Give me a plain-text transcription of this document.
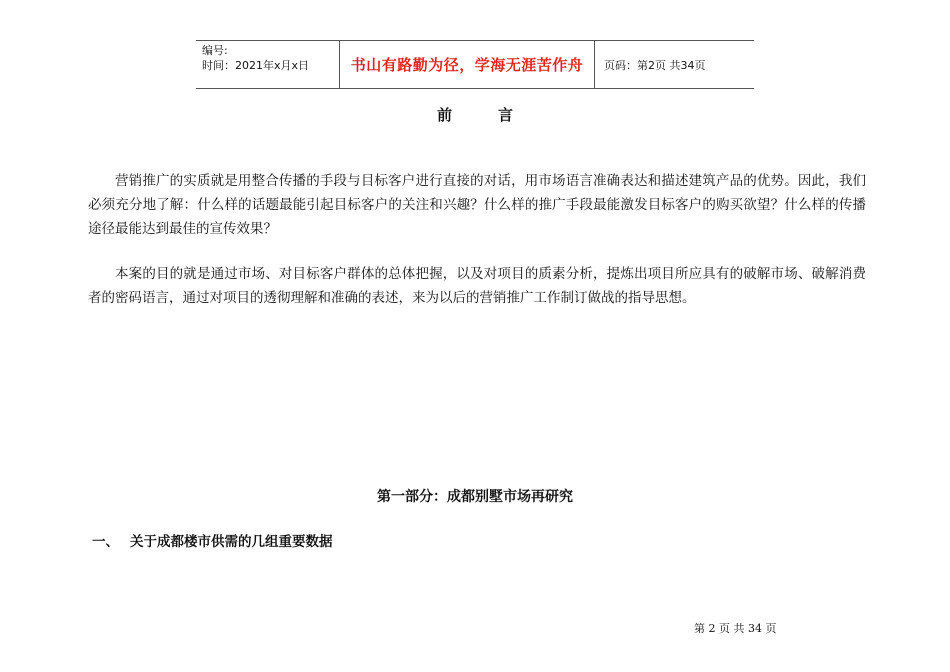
编号:
时间：2021年x月x日	书山有路勤为径，学海无涯苦作舟 页码：第2页 共34页
前言

营销推广的实质就是用整合传播的手段与目标客户进行直接的对话，用市场语言准确表达和描述建筑产品的优势。因此，我们必须充分地了解：什么样的话题最能引起目标客户的关注和兴趣？什么样的推广手段最能激发目标客户的购买欲望？什么样的传播途径最能达到最佳的宣传效果？

本案的目的就是通过市场、对目标客户群体的总体把握，以及对项目的质素分析，提炼出项目所应具有的破解市场、破解消费者的密码语言，通过对项目的透彻理解和准确的表述，来为以后的营销推广工作制订做战的指导思想。

第一部分：成都别墅市场再研究
一、 关于成都楼市供需的几组重要数据
第 2 页 共 34 页
